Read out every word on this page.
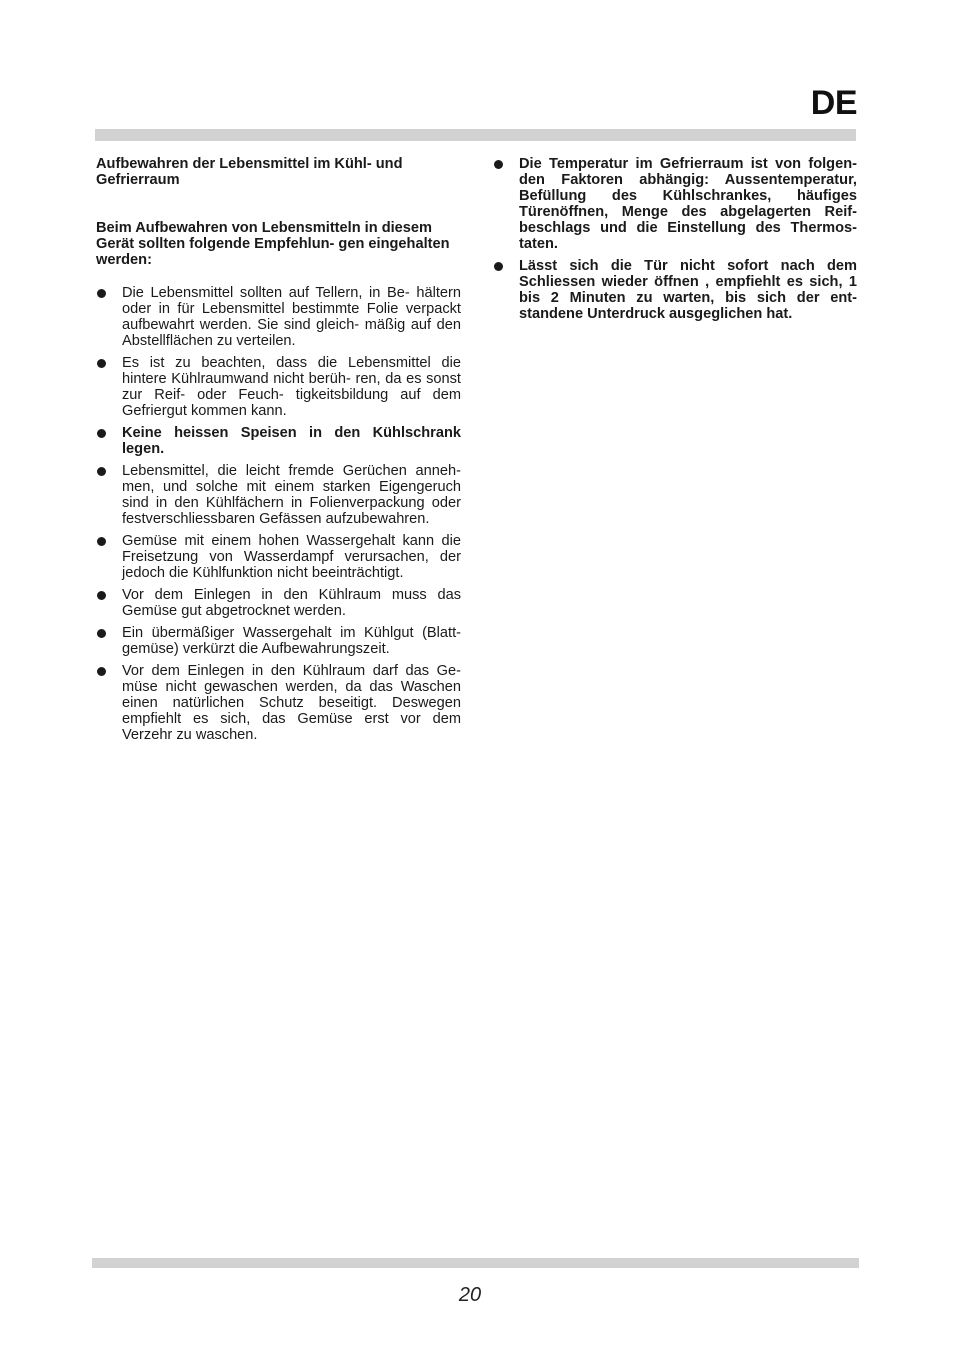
DE

Aufbewahren der Lebensmittel im Kühl- und Gefrierraum

Beim Aufbewahren von Lebensmitteln in diesem Gerät sollten folgende Empfehlun- gen eingehalten werden:

Die Lebensmittel sollten auf Tellern, in Be- hältern oder in für Lebensmittel bestimmte Folie verpackt aufbewahrt werden. Sie sind gleich- mäßig auf den Abstellflächen zu verteilen.
Es ist zu beachten, dass die Lebensmittel die hintere Kühlraumwand nicht berüh- ren, da es sonst zur Reif- oder Feuch- tigkeitsbildung auf dem Gefriergut kommen kann.
Keine heissen Speisen in den Kühlschrank legen.
Lebensmittel, die leicht fremde Gerüchen anneh- men, und solche mit einem starken Eigengeruch sind in den Kühlfächern in Folienverpackung oder festverschliessbaren Gefässen aufzubewahren.
Gemüse mit einem hohen Wassergehalt kann die Freisetzung von Wasserdampf verursachen, der jedoch die Kühlfunktion nicht beeinträchtigt.
Vor dem Einlegen in den Kühlraum muss das Gemüse gut abgetrocknet werden.
Ein übermäßiger Wassergehalt im Kühlgut (Blatt- gemüse) verkürzt die Aufbewahrungszeit.
Vor dem Einlegen in den Kühlraum darf das Ge- müse nicht gewaschen werden, da das Waschen einen natürlichen Schutz beseitigt. Deswegen empfiehlt es sich, das Gemüse erst vor dem Verzehr zu waschen.
Die Temperatur im Gefrierraum ist von folgen- den Faktoren abhängig: Aussentemperatur, Befüllung des Kühlschrankes, häufiges Türenöffnen, Menge des abgelagerten Reif- beschlags und die Einstellung des Thermos- taten.
Lässt sich die Tür nicht sofort nach dem Schliessen wieder öffnen , empfiehlt es sich, 1 bis 2 Minuten zu warten, bis sich der ent- standene Unterdruck ausgeglichen hat.
20
